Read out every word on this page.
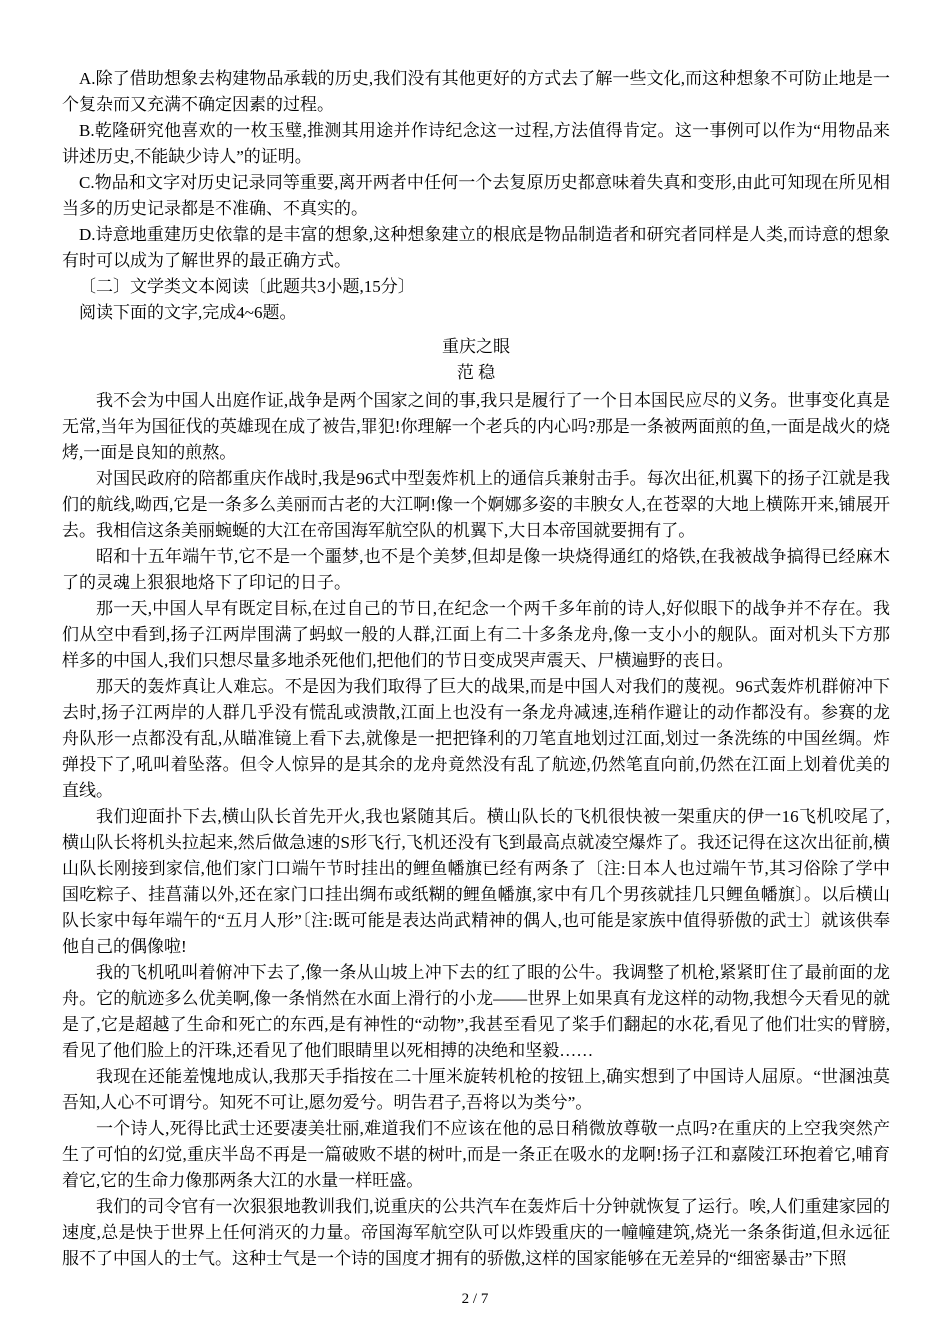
A.除了借助想象去构建物品承载的历史,我们没有其他更好的方式去了解一些文化,而这种想象不可防止地是一个复杂而又充满不确定因素的过程。
B.乾隆研究他喜欢的一枚玉璧,推测其用途并作诗纪念这一过程,方法值得肯定。这一事例可以作为“用物品来讲述历史,不能缺少诗人”的证明。
C.物品和文字对历史记录同等重要,离开两者中任何一个去复原历史都意味着失真和变形,由此可知现在所见相当多的历史记录都是不准确、不真实的。
D.诗意地重建历史依靠的是丰富的想象,这种想象建立的根底是物品制造者和研究者同样是人类,而诗意的想象有时可以成为了解世界的最正确方式。
〔二〕文学类文本阅读〔此题共3小题,15分〕
阅读下面的文字,完成4~6题。
重庆之眼
范 稳

我不会为中国人出庭作证,战争是两个国家之间的事,我只是履行了一个日本国民应尽的义务。世事变化真是无常,当年为国征伐的英雄现在成了被告,罪犯!你理解一个老兵的内心吗?那是一条被两面煎的鱼,一面是战火的烧烤,一面是良知的煎熬。

对国民政府的陪都重庆作战时,我是96式中型轰炸机上的通信兵兼射击手。每次出征,机翼下的扬子江就是我们的航线,呦西,它是一条多么美丽而古老的大江啊!像一个婀娜多姿的丰腴女人,在苍翠的大地上横陈开来,铺展开去。我相信这条美丽蜿蜒的大江在帝国海军航空队的机翼下,大日本帝国就要拥有了。

昭和十五年端午节,它不是一个噩梦,也不是个美梦,但却是像一块烧得通红的烙铁,在我被战争搞得已经麻木了的灵魂上狠狠地烙下了印记的日子。

那一天,中国人早有既定目标,在过自己的节日,在纪念一个两千多年前的诗人,好似眼下的战争并不存在。我们从空中看到,扬子江两岸围满了蚂蚁一般的人群,江面上有二十多条龙舟,像一支小小的舰队。面对机头下方那样多的中国人,我们只想尽量多地杀死他们,把他们的节日变成哭声震天、尸横遍野的丧日。

那天的轰炸真让人难忘。不是因为我们取得了巨大的战果,而是中国人对我们的蔑视。96式轰炸机群俯冲下去时,扬子江两岸的人群几乎没有慌乱或溃散,江面上也没有一条龙舟减速,连稍作避让的动作都没有。参赛的龙舟队形一点都没有乱,从瞄准镜上看下去,就像是一把把锋利的刀笔直地划过江面,划过一条洗练的中国丝绸。炸弹投下了,吼叫着坠落。但令人惊异的是其余的龙舟竟然没有乱了航迹,仍然笔直向前,仍然在江面上划着优美的直线。

我们迎面扑下去,横山队长首先开火,我也紧随其后。横山队长的飞机很快被一架重庆的伊一16飞机咬尾了,横山队长将机头拉起来,然后做急速的S形飞行,飞机还没有飞到最高点就凌空爆炸了。我还记得在这次出征前,横山队长刚接到家信,他们家门口端午节时挂出的鲤鱼幡旗已经有两条了〔注:日本人也过端午节,其习俗除了学中国吃粽子、挂菖蒲以外,还在家门口挂出绸布或纸糊的鲤鱼幡旗,家中有几个男孩就挂几只鲤鱼幡旗〕。以后横山队长家中每年端午的“五月人形”〔注:既可能是表达尚武精神的偶人,也可能是家族中值得骄傲的武士〕就该供奉他自己的偶像啦!

我的飞机吼叫着俯冲下去了,像一条从山坡上冲下去的红了眼的公牛。我调整了机枪,紧紧盯住了最前面的龙舟。它的航迹多么优美啊,像一条悄然在水面上滑行的小龙——世界上如果真有龙这样的动物,我想今天看见的就是了,它是超越了生命和死亡的东西,是有神性的“动物”,我甚至看见了桨手们翻起的水花,看见了他们壮实的臂膀,看见了他们脸上的汗珠,还看见了他们眼睛里以死相搏的决绝和坚毅……

我现在还能羞愧地成认,我那天手指按在二十厘米旋转机枪的按钮上,确实想到了中国诗人屈原。“世溷浊莫吾知,人心不可谓兮。知死不可让,愿勿爱兮。明告君子,吾将以为类兮”。

一个诗人,死得比武士还要凄美壮丽,难道我们不应该在他的忌日稍微放尊敬一点吗?在重庆的上空我突然产生了可怕的幻觉,重庆半岛不再是一篇破败不堪的树叶,而是一条正在吸水的龙啊!扬子江和嘉陵江环抱着它,哺育着它,它的生命力像那两条大江的水量一样旺盛。

我们的司令官有一次狠狠地教训我们,说重庆的公共汽车在轰炸后十分钟就恢复了运行。唉,人们重建家园的速度,总是快于世界上任何消灭的力量。帝国海军航空队可以炸毁重庆的一幢幢建筑,烧光一条条街道,但永远征服不了中国人的士气。这种士气是一个诗的国度才拥有的骄傲,这样的国家能够在无差异的“细密暴击”下照

2 / 7
